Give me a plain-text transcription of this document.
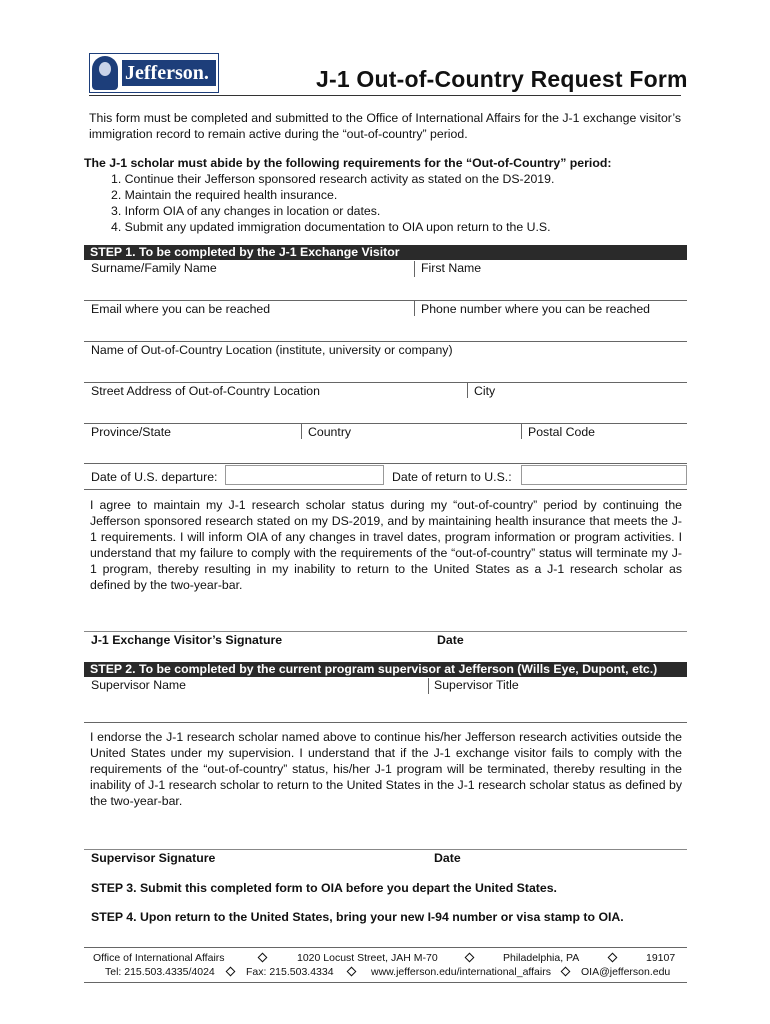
Jefferson.	J-1 Out-of-Country Request Form
This form must be completed and submitted to the Office of International Affairs for the J-1 exchange visitor’s immigration record to remain active during the “out-of-country” period.
The J-1 scholar must abide by the following requirements for the “Out-of-Country” period:
1. Continue their Jefferson sponsored research activity as stated on the DS-2019.
2. Maintain the required health insurance.
3. Inform OIA of any changes in location or dates.
4. Submit any updated immigration documentation to OIA upon return to the U.S.
STEP 1. To be completed by the J-1 Exchange Visitor
Surname/Family Name	First Name
Email where you can be reached	Phone number where you can be reached
Name of Out-of-Country Location (institute, university or company)
Street Address of Out-of-Country Location	City
Province/State	Country	Postal Code
Date of U.S. departure:	Date of return to U.S.:
I agree to maintain my J-1 research scholar status during my “out-of-country” period by continuing the Jefferson sponsored research stated on my DS-2019, and by maintaining health insurance that meets the J-1 requirements. I will inform OIA of any changes in travel dates, program information or program activities. I understand that my failure to comply with the requirements of the “out-of-country” status will terminate my J-1 program, thereby resulting in my inability to return to the United States as a J-1 research scholar as defined by the two-year-bar.
J-1 Exchange Visitor’s Signature	Date
STEP 2. To be completed by the current program supervisor at Jefferson (Wills Eye, Dupont, etc.)
Supervisor Name	Supervisor Title
I endorse the J-1 research scholar named above to continue his/her Jefferson research activities outside the United States under my supervision. I understand that if the J-1 exchange visitor fails to comply with the requirements of the “out-of-country” status, his/her J-1 program will be terminated, thereby resulting in the inability of J-1 research scholar to return to the United States in the J-1 research scholar status as defined by the two-year-bar.
Supervisor Signature	Date
STEP 3. Submit this completed form to OIA before you depart the United States.
STEP 4. Upon return to the United States, bring your new I-94 number or visa stamp to OIA.
Office of International Affairs	1020 Locust Street, JAH M-70	Philadelphia, PA	19107
Tel: 215.503.4335/4024	Fax: 215.503.4334	www.jefferson.edu/international_affairs	OIA@jefferson.edu
